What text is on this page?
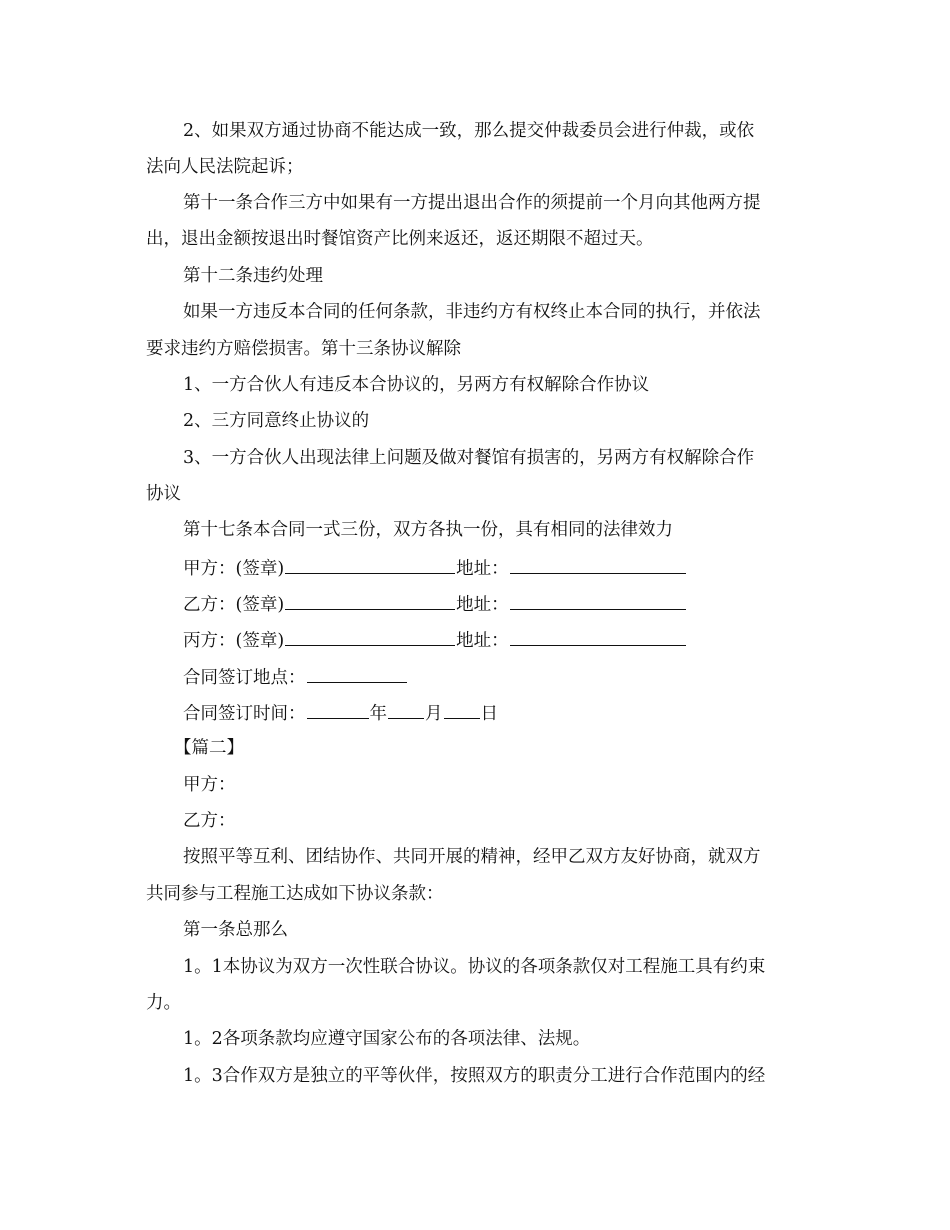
2、如果双方通过协商不能达成一致，那么提交仲裁委员会进行仲裁，或依

法向人民法院起诉；

第十一条合作三方中如果有一方提出退出合作的须提前一个月向其他两方提

出，退出金额按退出时餐馆资产比例来返还，返还期限不超过天。

第十二条违约处理

如果一方违反本合同的任何条款，非违约方有权终止本合同的执行，并依法

要求违约方赔偿损害。第十三条协议解除

1、一方合伙人有违反本合协议的，另两方有权解除合作协议

2、三方同意终止协议的

3、一方合伙人出现法律上问题及做对餐馆有损害的，另两方有权解除合作

协议

第十七条本合同一式三份，双方各执一份，具有相同的法律效力

甲方：(签章)	地址：

乙方：(签章)	地址：

丙方：(签章)	地址：

合同签订地点：

合同签订时间：	年 月 日

【篇二】

甲方：

乙方：

按照平等互利、团结协作、共同开展的精神，经甲乙双方友好协商，就双方

共同参与工程施工达成如下协议条款：

第一条总那么

1。1本协议为双方一次性联合协议。协议的各项条款仅对工程施工具有约束

力。

1。2各项条款均应遵守国家公布的各项法律、法规。

1。3合作双方是独立的平等伙伴，按照双方的职责分工进行合作范围内的经
